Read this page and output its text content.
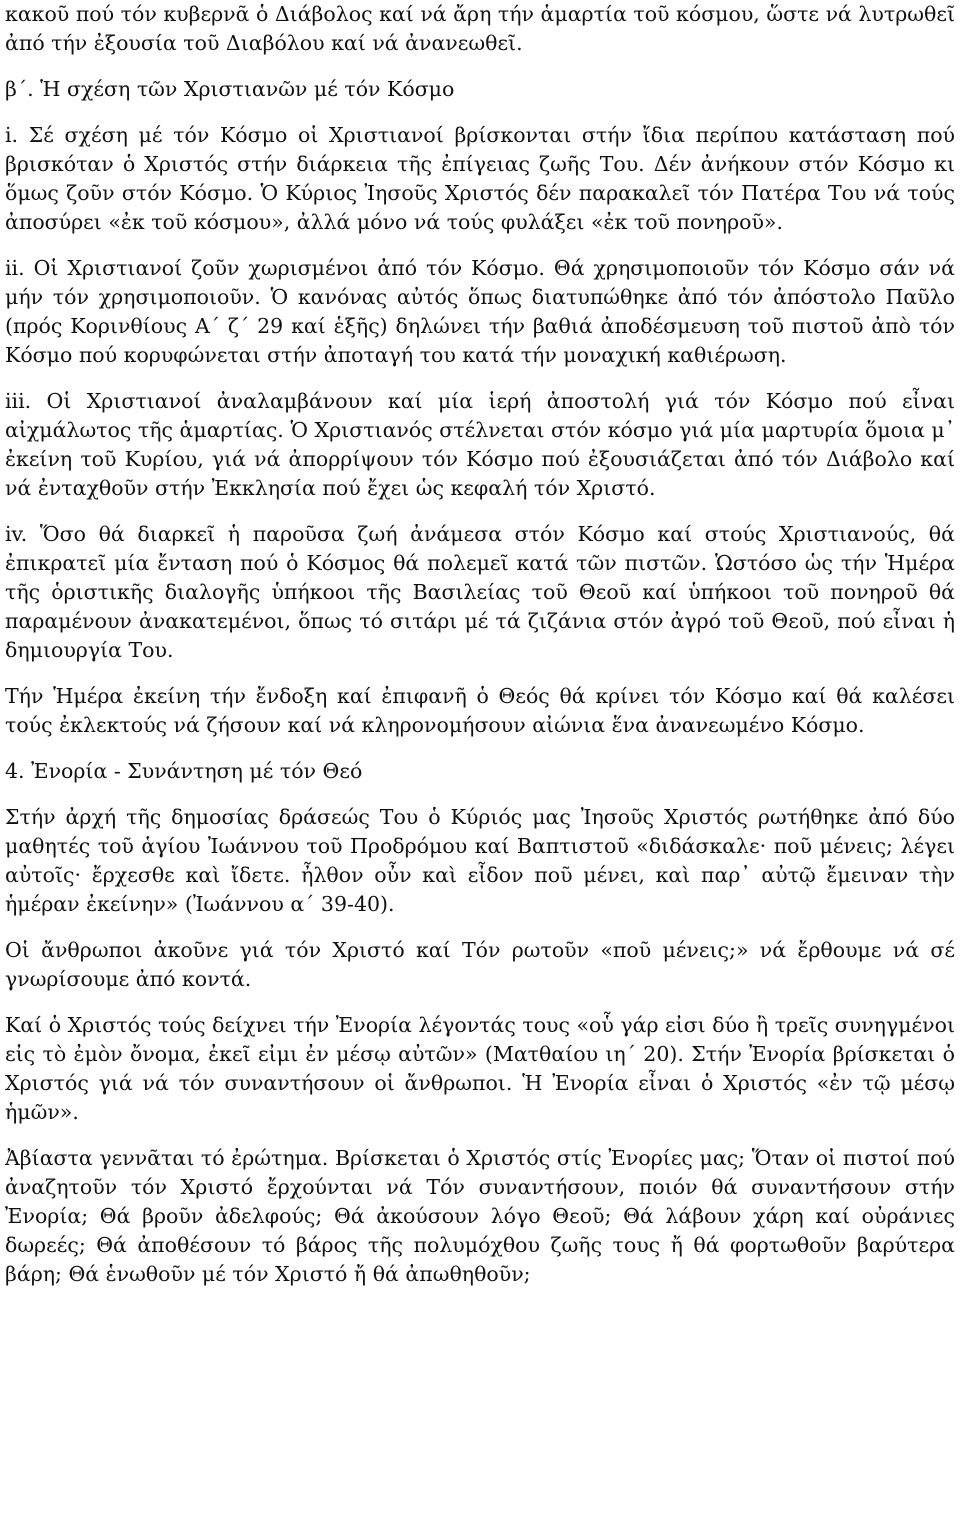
κακοῦ πού τόν κυβερνᾶ ὁ Διάβολος καί νά ἄρη τήν ἁμαρτία τοῦ κόσμου, ὥστε νά λυτρωθεῖ ἀπό τήν ἐξουσία τοῦ Διαβόλου καί νά ἀνανεωθεῖ.

β΄. Ἡ σχέση τῶν Χριστιανῶν μέ τόν Κόσμο

i. Σέ σχέση μέ τόν Κόσμο οἱ Χριστιανοί βρίσκονται στήν ἴδια περίπου κατάσταση πού βρισκόταν ὁ Χριστός στήν διάρκεια τῆς ἐπίγειας ζωῆς Του. Δέν ἀνήκουν στόν Κόσμο κι ὅμως ζοῦν στόν Κόσμο. Ὁ Κύριος Ἰησοῦς Χριστός δέν παρακαλεῖ τόν Πατέρα Του νά τούς ἀποσύρει «ἐκ τοῦ κόσμου», ἀλλά μόνο νά τούς φυλάξει «ἐκ τοῦ πονηροῦ».

ii. Οἱ Χριστιανοί ζοῦν χωρισμένοι ἀπό τόν Κόσμο. Θά χρησιμοποιοῦν τόν Κόσμο σάν νά μήν τόν χρησιμοποιοῦν. Ὁ κανόνας αὐτός ὅπως διατυπώθηκε ἀπό τόν ἀπόστολο Παῦλο (πρός Κορινθίους Α΄ ζ΄ 29 καί ἑξῆς) δηλώνει τήν βαθιά ἀποδέσμευση τοῦ πιστοῦ ἀπὸ τόν Κόσμο πού κορυφώνεται στήν ἀποταγή του κατά τήν μοναχική καθιέρωση.

iii. Οἱ Χριστιανοί ἀναλαμβάνουν καί μία ἱερή ἀποστολή γιά τόν Κόσμο πού εἶναι αἰχμάλωτος τῆς ἁμαρτίας. Ὁ Χριστιανός στέλνεται στόν κόσμο γιά μία μαρτυρία ὅμοια μ᾽ ἐκείνη τοῦ Κυρίου, γιά νά ἀπορρίψουν τόν Κόσμο πού ἐξουσιάζεται ἀπό τόν Διάβολο καί νά ἐνταχθοῦν στήν Ἐκκλησία πού ἔχει ὡς κεφαλή τόν Χριστό.

iv. Ὅσο θά διαρκεῖ ἡ παροῦσα ζωή ἀνάμεσα στόν Κόσμο καί στούς Χριστιανούς, θά ἐπικρατεῖ μία ἔνταση πού ὁ Κόσμος θά πολεμεῖ κατά τῶν πιστῶν. Ὡστόσο ὡς τήν Ἡμέρα τῆς ὁριστικῆς διαλογῆς ὑπήκοοι τῆς Βασιλείας τοῦ Θεοῦ καί ὑπήκοοι τοῦ πονηροῦ θά παραμένουν ἀνακατεμένοι, ὅπως τό σιτάρι μέ τά ζιζάνια στόν ἀγρό τοῦ Θεοῦ, πού εἶναι ἡ δημιουργία Του.

Τήν Ἡμέρα ἐκείνη τήν ἔνδοξη καί ἐπιφανῆ ὁ Θεός θά κρίνει τόν Κόσμο καί θά καλέσει τούς ἐκλεκτούς νά ζήσουν καί νά κληρονομήσουν αἰώνια ἕνα ἀνανεωμένο Κόσμο.

4. Ἐνορία - Συνάντηση μέ τόν Θεό

Στήν ἀρχή τῆς δημοσίας δράσεώς Του ὁ Κύριός μας Ἰησοῦς Χριστός ρωτήθηκε ἀπό δύο μαθητές τοῦ ἁγίου Ἰωάννου τοῦ Προδρόμου καί Βαπτιστοῦ «διδάσκαλε· ποῦ μένεις; λέγει αὐτοῖς· ἔρχεσθε καὶ ἴδετε. ἦλθον οὖν καὶ εἶδον ποῦ μένει, καὶ παρ᾽ αὐτῷ ἔμειναν τὴν ἡμέραν ἐκείνην» (Ἰωάννου α΄ 39-40).

Οἱ ἄνθρωποι ἀκοῦνε γιά τόν Χριστό καί Τόν ρωτοῦν «ποῦ μένεις;» νά ἔρθουμε νά σέ γνωρίσουμε ἀπό κοντά.

Καί ὁ Χριστός τούς δείχνει τήν Ἐνορία λέγοντάς τους «οὗ γάρ εἰσι δύο ἢ τρεῖς συνηγμένοι εἰς τὸ ἐμὸν ὄνομα, ἐκεῖ εἰμι ἐν μέσῳ αὐτῶν» (Ματθαίου ιη΄ 20). Στήν Ἐνορία βρίσκεται ὁ Χριστός γιά νά τόν συναντήσουν οἱ ἄνθρωποι. Ἡ Ἐνορία εἶναι ὁ Χριστός «ἐν τῷ μέσῳ ἡμῶν».

Ἀβίαστα γεννᾶται τό ἐρώτημα. Βρίσκεται ὁ Χριστός στίς Ἐνορίες μας; Ὅταν οἱ πιστοί πού ἀναζητοῦν τόν Χριστό ἔρχούνται νά Τόν συναντήσουν, ποιόν θά συναντήσουν στήν Ἐνορία; Θά βροῦν ἀδελφούς; Θά ἀκούσουν λόγο Θεοῦ; Θά λάβουν χάρη καί οὐράνιες δωρεές; Θά ἀποθέσουν τό βάρος τῆς πολυμόχθου ζωῆς τους ἤ θά φορτωθοῦν βαρύτερα βάρη; Θά ἑνωθοῦν μέ τόν Χριστό ἤ θά ἀπωθηθοῦν;
